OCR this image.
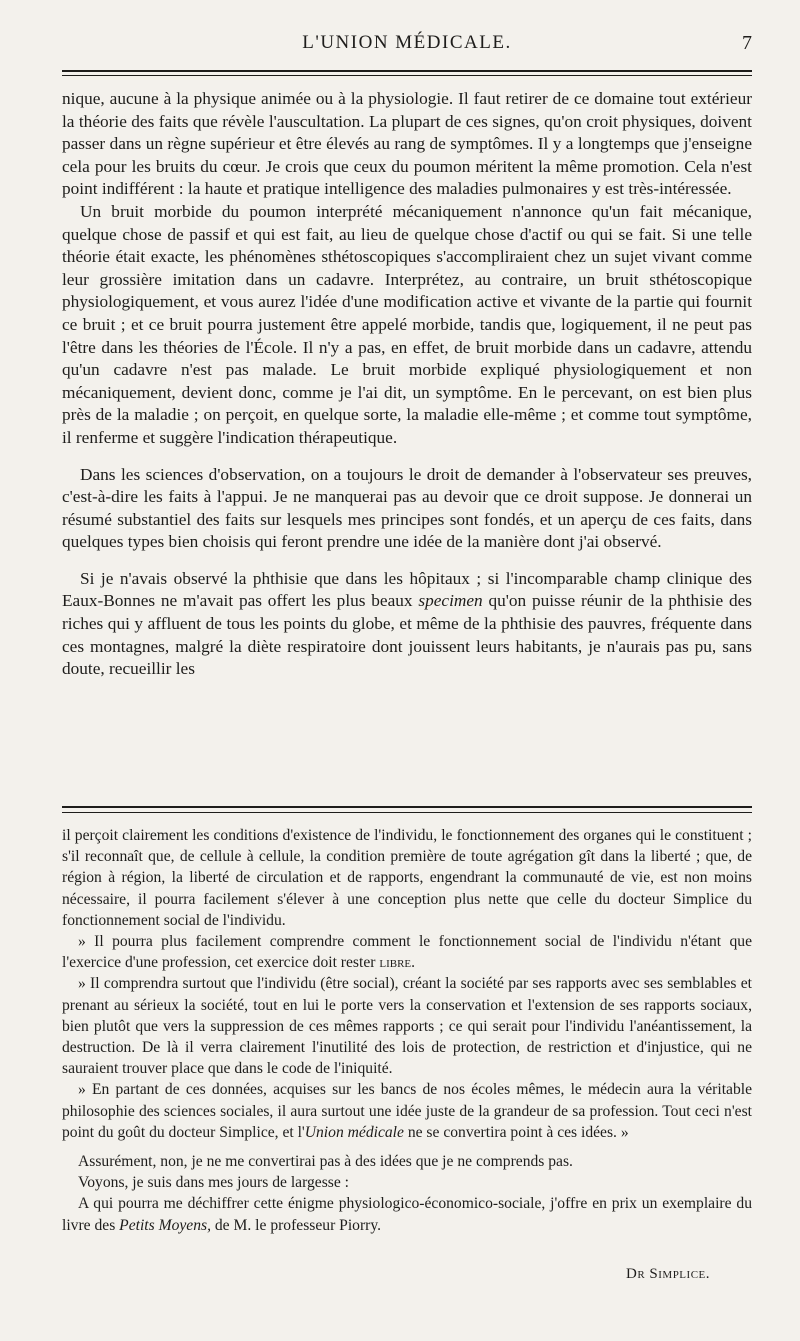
L'UNION MÉDICALE.	7

nique, aucune à la physique animée ou à la physiologie. Il faut retirer de ce domaine tout extérieur la théorie des faits que révèle l'auscultation. La plupart de ces signes, qu'on croit physiques, doivent passer dans un règne supérieur et être élevés au rang de symptômes. Il y a longtemps que j'enseigne cela pour les bruits du cœur. Je crois que ceux du poumon méritent la même promotion. Cela n'est point indifférent : la haute et pratique intelligence des maladies pulmonaires y est très-intéressée.

Un bruit morbide du poumon interprété mécaniquement n'annonce qu'un fait mécanique, quelque chose de passif et qui est fait, au lieu de quelque chose d'actif ou qui se fait. Si une telle théorie était exacte, les phénomènes sthétoscopiques s'accompliraient chez un sujet vivant comme leur grossière imitation dans un cadavre. Interprétez, au contraire, un bruit sthétoscopique physiologiquement, et vous aurez l'idée d'une modification active et vivante de la partie qui fournit ce bruit ; et ce bruit pourra justement être appelé morbide, tandis que, logiquement, il ne peut pas l'être dans les théories de l'École. Il n'y a pas, en effet, de bruit morbide dans un cadavre, attendu qu'un cadavre n'est pas malade. Le bruit morbide expliqué physiologiquement et non mécaniquement, devient donc, comme je l'ai dit, un symptôme. En le percevant, on est bien plus près de la maladie ; on perçoit, en quelque sorte, la maladie elle-même ; et comme tout symptôme, il renferme et suggère l'indication thérapeutique.

Dans les sciences d'observation, on a toujours le droit de demander à l'observateur ses preuves, c'est-à-dire les faits à l'appui. Je ne manquerai pas au devoir que ce droit suppose. Je donnerai un résumé substantiel des faits sur lesquels mes principes sont fondés, et un aperçu de ces faits, dans quelques types bien choisis qui feront prendre une idée de la manière dont j'ai observé.

Si je n'avais observé la phthisie que dans les hôpitaux ; si l'incomparable champ clinique des Eaux-Bonnes ne m'avait pas offert les plus beaux specimen qu'on puisse réunir de la phthisie des riches qui y affluent de tous les points du globe, et même de la phthisie des pauvres, fréquente dans ces montagnes, malgré la diète respiratoire dont jouissent leurs habitants, je n'aurais pas pu, sans doute, recueillir les

il perçoit clairement les conditions d'existence de l'individu, le fonctionnement des organes qui le constituent ; s'il reconnaît que, de cellule à cellule, la condition première de toute agrégation gît dans la liberté ; que, de région à région, la liberté de circulation et de rapports, engendrant la communauté de vie, est non moins nécessaire, il pourra facilement s'élever à une conception plus nette que celle du docteur Simplice du fonctionnement social de l'individu.

» Il pourra plus facilement comprendre comment le fonctionnement social de l'individu n'étant que l'exercice d'une profession, cet exercice doit rester libre.

» Il comprendra surtout que l'individu (être social), créant la société par ses rapports avec ses semblables et prenant au sérieux la société, tout en lui le porte vers la conservation et l'extension de ses rapports sociaux, bien plutôt que vers la suppression de ces mêmes rapports ; ce qui serait pour l'individu l'anéantissement, la destruction. De là il verra clairement l'inutilité des lois de protection, de restriction et d'injustice, qui ne sauraient trouver place que dans le code de l'iniquité.

» En partant de ces données, acquises sur les bancs de nos écoles mêmes, le médecin aura la véritable philosophie des sciences sociales, il aura surtout une idée juste de la grandeur de sa profession. Tout ceci n'est point du goût du docteur Simplice, et l'Union médicale ne se convertira point à ces idées. »

Assurément, non, je ne me convertirai pas à des idées que je ne comprends pas.

Voyons, je suis dans mes jours de largesse :

A qui pourra me déchiffrer cette énigme physiologico-économico-sociale, j'offre en prix un exemplaire du livre des Petits Moyens, de M. le professeur Piorry.

Dr Simplice.
